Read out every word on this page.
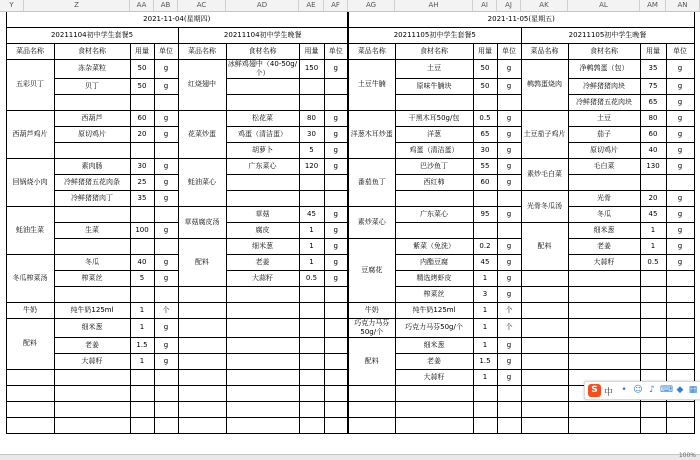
Y	Z	AA	AB	AC	AD	AE	AF	AG	AH	AI	AJ	AK	AL	AM	AN
	2021-11-04(星期四)								2021-11-05(星期五)							
	20211104初中学生套餐5				20211104初中学生晚餐				20211105初中学生套餐5				20211105初中学生晚餐			
	菜品名称	食材名称	用量	单位	菜品名称	食材名称	用量	单位	菜品名称	食材名称	用量	单位	菜品名称	食材名称	用量	单位
	五彩贝丁	冻杂菜粒	50	g	红烧翅中	冰鲜鸡翅中（40-50g/个）	150	g	土豆牛腩	土豆	50	g	鹌鹑蛋烧肉	净鹌鹑蛋（包）	35	g
		贝丁	50	g						原味牛腩块	50	g		冷鲜猪猪肉块	75	g
														冷鲜猪猪五花肉块	65	g
	西葫芦鸡片	西葫芦	60	g	花菜炒蛋	松花菜	80	g	洋葱木耳炒蛋	干黑木耳50g/包	0.5	g	土豆茄子鸡片	土豆	80	g
		原切鸡片	20	g		鸡蛋（清洁蛋）	30	g		洋葱	65	g		茄子	60	g
						胡萝卜	5	g		鸡蛋（清洁蛋）	30	g		原切鸡片	40	g
	回锅烧小肉	素肉肠	30	g	蚝油菜心	广东菜心	120	g	番茄鱼丁	巴沙鱼丁	55	g	素炒毛白菜	毛白菜	130	g
		冷鲜猪猪五花肉条	25	g						西红柿	60	g				
		冷鲜猪猪肉丁	35	g									光骨冬瓜汤	光骨	20	g
	蚝油生菜				草菇腐皮汤	草菇	45	g	素炒菜心	广东菜心	95	g		冬瓜	45	g
		生菜	100	g		腐皮	1	g					配料	细米葱	1	g
					配料	细米葱	1	g	豆腐花	紫菜（免洗）	0.2	g		老姜	1	g
	冬瓜榨菜汤	冬瓜	40	g		老姜	1	g		内酯豆腐	45	g		大蒜籽	0.5	g
		榨菜丝	5	g		大蒜籽	0.5	g		精选烤虾皮	1	g				
										榨菜丝	3	g				
	牛奶	纯牛奶125ml	1	个					牛奶	纯牛奶125ml	1	个				
	配料	细米葱	1	g					巧克力马芬50g/个	巧克力马芬50g/个	1	个				
		老姜	1.5	g					配料	细米葱	1	g				
		大蒜籽	1	g						老姜	1.5	g				
										大蒜籽	1	g				

S 中 • ☺ ♪ ⌨ ◆ ▦
100%
